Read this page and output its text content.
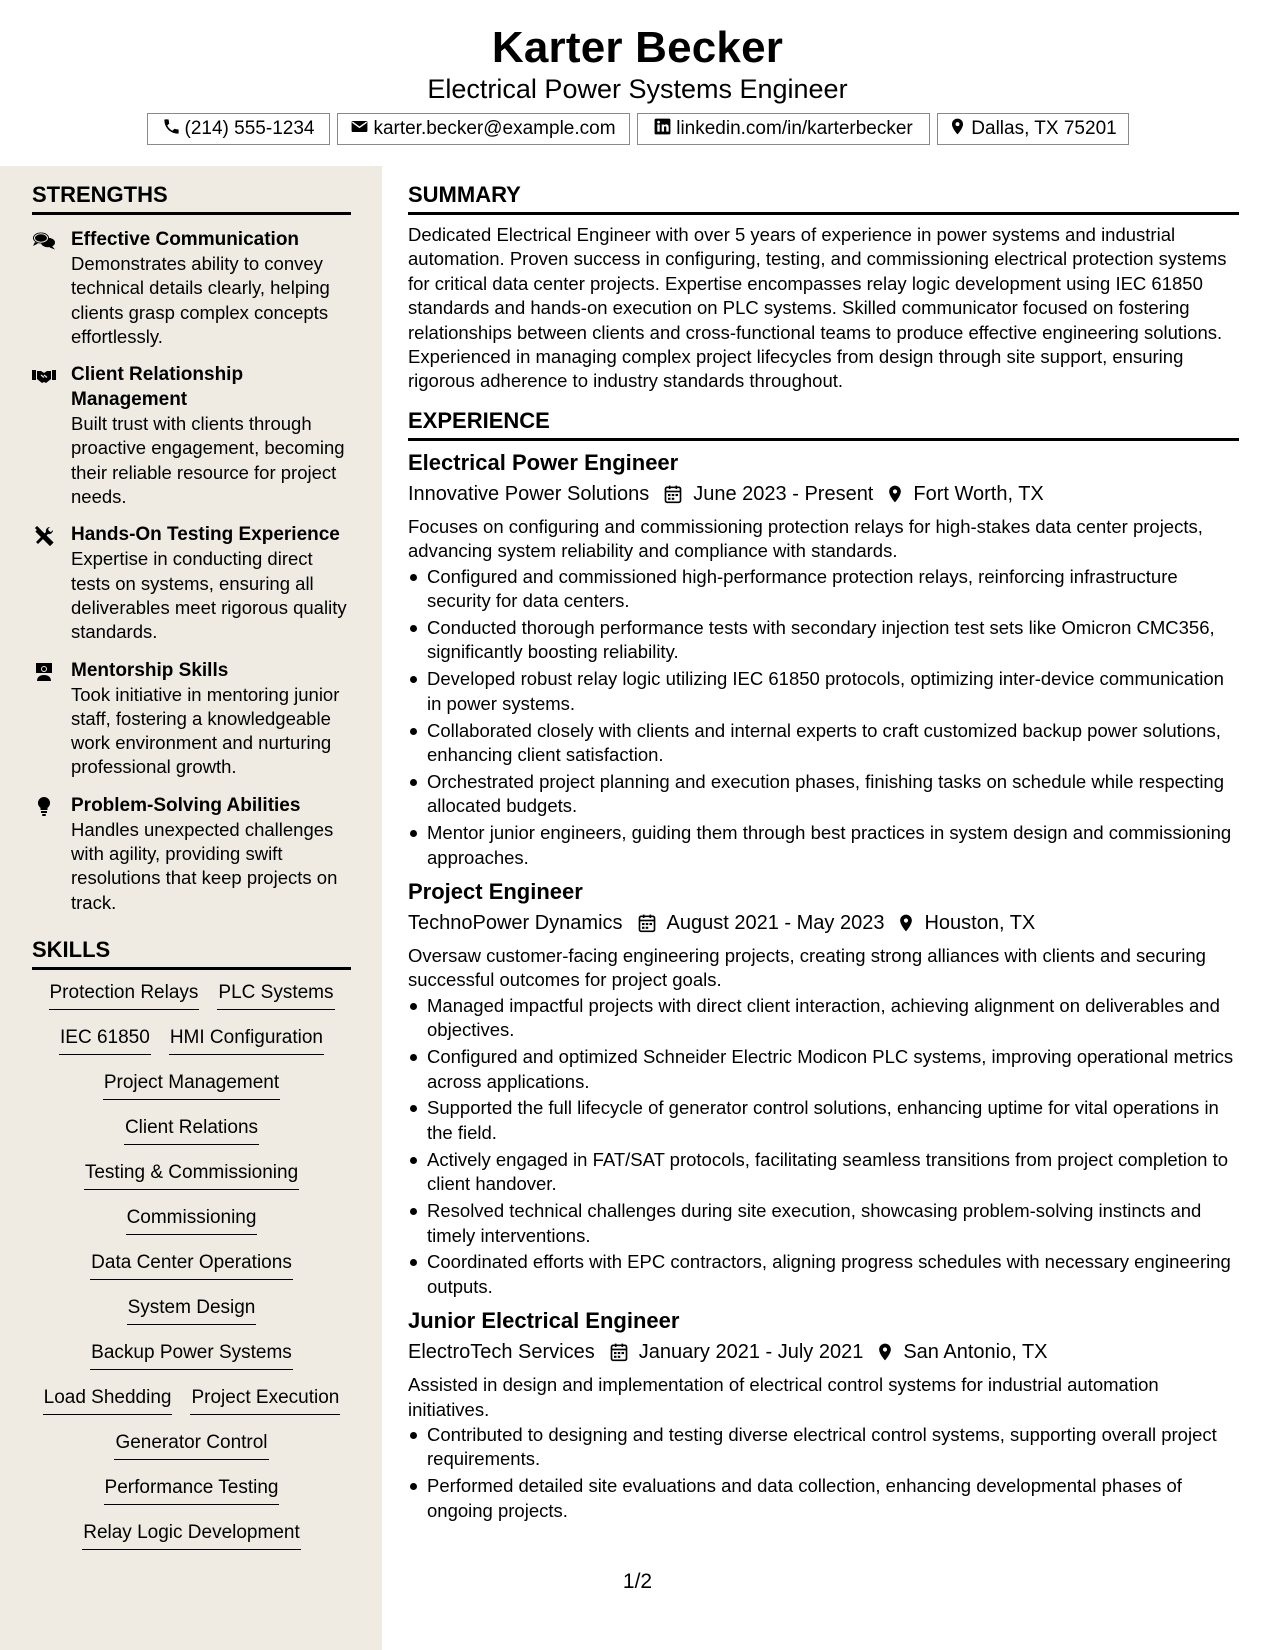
Karter Becker
Electrical Power Systems Engineer
(214) 555-1234	karter.becker@example.com	linkedin.com/in/karterbecker	Dallas, TX 75201
STRENGTHS
Effective Communication
Demonstrates ability to convey technical details clearly, helping clients grasp complex concepts effortlessly.
Client Relationship Management
Built trust with clients through proactive engagement, becoming their reliable resource for project needs.
Hands-On Testing Experience
Expertise in conducting direct tests on systems, ensuring all deliverables meet rigorous quality standards.
Mentorship Skills
Took initiative in mentoring junior staff, fostering a knowledgeable work environment and nurturing professional growth.
Problem-Solving Abilities
Handles unexpected challenges with agility, providing swift resolutions that keep projects on track.
SKILLS
Protection Relays PLC Systems
IEC 61850 HMI Configuration
Project Management
Client Relations
Testing & Commissioning
Commissioning
Data Center Operations
System Design
Backup Power Systems
Load Shedding Project Execution
Generator Control
Performance Testing
Relay Logic Development
SUMMARY

Dedicated Electrical Engineer with over 5 years of experience in power systems and industrial automation. Proven success in configuring, testing, and commissioning electrical protection systems for critical data center projects. Expertise encompasses relay logic development using IEC 61850 standards and hands-on execution on PLC systems. Skilled communicator focused on fostering relationships between clients and cross-functional teams to produce effective engineering solutions. Experienced in managing complex project lifecycles from design through site support, ensuring rigorous adherence to industry standards throughout.

EXPERIENCE
Electrical Power Engineer
Innovative Power Solutions June 2023 - Present Fort Worth, TX

Focuses on configuring and commissioning protection relays for high-stakes data center projects, advancing system reliability and compliance with standards.

Configured and commissioned high-performance protection relays, reinforcing infrastructure security for data centers.
Conducted thorough performance tests with secondary injection test sets like Omicron CMC356, significantly boosting reliability.
Developed robust relay logic utilizing IEC 61850 protocols, optimizing inter-device communication in power systems.
Collaborated closely with clients and internal experts to craft customized backup power solutions, enhancing client satisfaction.
Orchestrated project planning and execution phases, finishing tasks on schedule while respecting allocated budgets.
Mentor junior engineers, guiding them through best practices in system design and commissioning approaches.
Project Engineer
TechnoPower Dynamics August 2021 - May 2023 Houston, TX

Oversaw customer-facing engineering projects, creating strong alliances with clients and securing successful outcomes for project goals.

Managed impactful projects with direct client interaction, achieving alignment on deliverables and objectives.
Configured and optimized Schneider Electric Modicon PLC systems, improving operational metrics across applications.
Supported the full lifecycle of generator control solutions, enhancing uptime for vital operations in the field.
Actively engaged in FAT/SAT protocols, facilitating seamless transitions from project completion to client handover.
Resolved technical challenges during site execution, showcasing problem-solving instincts and timely interventions.
Coordinated efforts with EPC contractors, aligning progress schedules with necessary engineering outputs.
Junior Electrical Engineer
ElectroTech Services January 2021 - July 2021 San Antonio, TX

Assisted in design and implementation of electrical control systems for industrial automation initiatives.

Contributed to designing and testing diverse electrical control systems, supporting overall project requirements.
Performed detailed site evaluations and data collection, enhancing developmental phases of ongoing projects.
1/2
